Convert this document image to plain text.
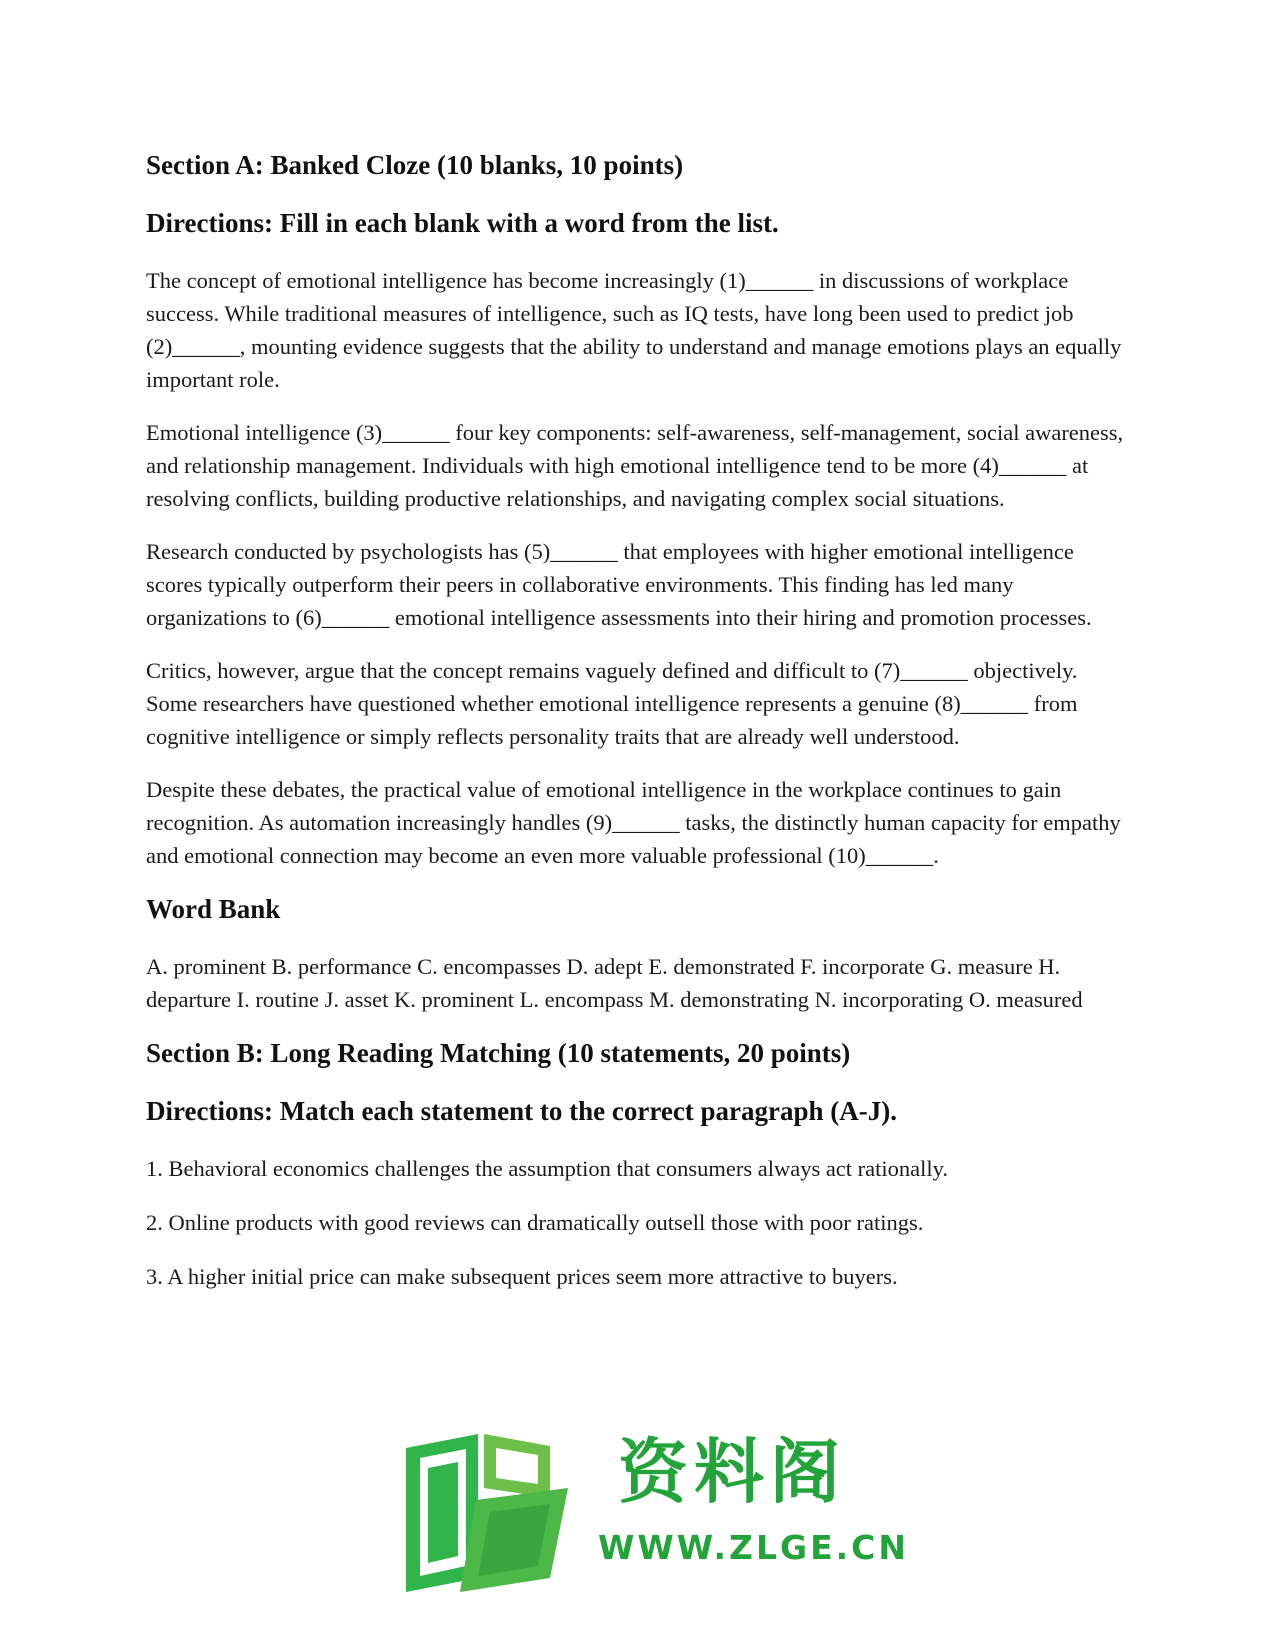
Section A: Banked Cloze (10 blanks, 10 points)
Directions: Fill in each blank with a word from the list.

The concept of emotional intelligence has become increasingly (1)______ in discussions of workplace success. While traditional measures of intelligence, such as IQ tests, have long been used to predict job (2)______, mounting evidence suggests that the ability to understand and manage emotions plays an equally important role.

Emotional intelligence (3)______ four key components: self-awareness, self-management, social awareness, and relationship management. Individuals with high emotional intelligence tend to be more (4)______ at resolving conflicts, building productive relationships, and navigating complex social situations.

Research conducted by psychologists has (5)______ that employees with higher emotional intelligence scores typically outperform their peers in collaborative environments. This finding has led many organizations to (6)______ emotional intelligence assessments into their hiring and promotion processes.

Critics, however, argue that the concept remains vaguely defined and difficult to (7)______ objectively. Some researchers have questioned whether emotional intelligence represents a genuine (8)______ from cognitive intelligence or simply reflects personality traits that are already well understood.

Despite these debates, the practical value of emotional intelligence in the workplace continues to gain recognition. As automation increasingly handles (9)______ tasks, the distinctly human capacity for empathy and emotional connection may become an even more valuable professional (10)______.

Word Bank

A. prominent B. performance C. encompasses D. adept E. demonstrated F. incorporate G. measure H. departure I. routine J. asset K. prominent L. encompass M. demonstrating N. incorporating O. measured

Section B: Long Reading Matching (10 statements, 20 points)
Directions: Match each statement to the correct paragraph (A-J).

1. Behavioral economics challenges the assumption that consumers always act rationally.

2. Online products with good reviews can dramatically outsell those with poor ratings.

3. A higher initial price can make subsequent prices seem more attractive to buyers.

资料阁
WWW.ZLGE.CN
